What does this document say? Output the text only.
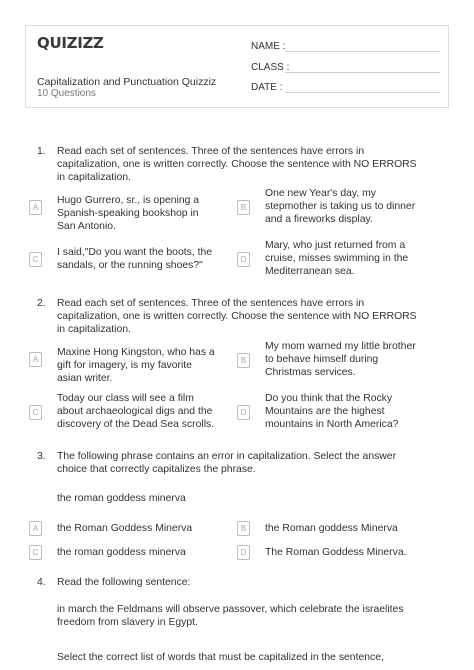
QUIZIZZ
Capitalization and Punctuation Quizziz
10 Questions
NAME :
CLASS :
DATE :
1.	Read each set of sentences. Three of the sentences have errors in capitalization, one is written correctly. Choose the sentence with NO ERRORS in capitalization.
A
Hugo Gurrero, sr., is opening a Spanish-speaking bookshop in San Antonio.
B
One new Year's day, my stepmother is taking us to dinner and a fireworks display.
C
I said,"Do you want the boots, the sandals, or the running shoes?"
D
Mary, who just returned from a cruise, misses swimming in the Mediterranean sea.
2.	Read each set of sentences. Three of the sentences have errors in capitalization, one is written correctly. Choose the sentence with NO ERRORS in capitalization.
A
Maxine Hong Kingston, who has a gift for imagery, is my favorite asian writer.
B
My mom warned my little brother to behave himself during Christmas services.
C
Today our class will see a film about archaeological digs and the discovery of the Dead Sea scrolls.
D
Do you think that the Rocky Mountains are the highest mountains in North America?
3.	The following phrase contains an error in capitalization. Select the answer choice that correctly capitalizes the phrase.
the roman goddess minerva
A	the Roman Goddess Minerva	B	the Roman goddess Minerva
C	the roman goddess minerva	D	The Roman Goddess Minerva.
4.	Read the following sentence:
in march the Feldmans will observe passover, which celebrate the israelites freedom from slavery in Egypt.
Select the correct list of words that must be capitalized in the sentence,
